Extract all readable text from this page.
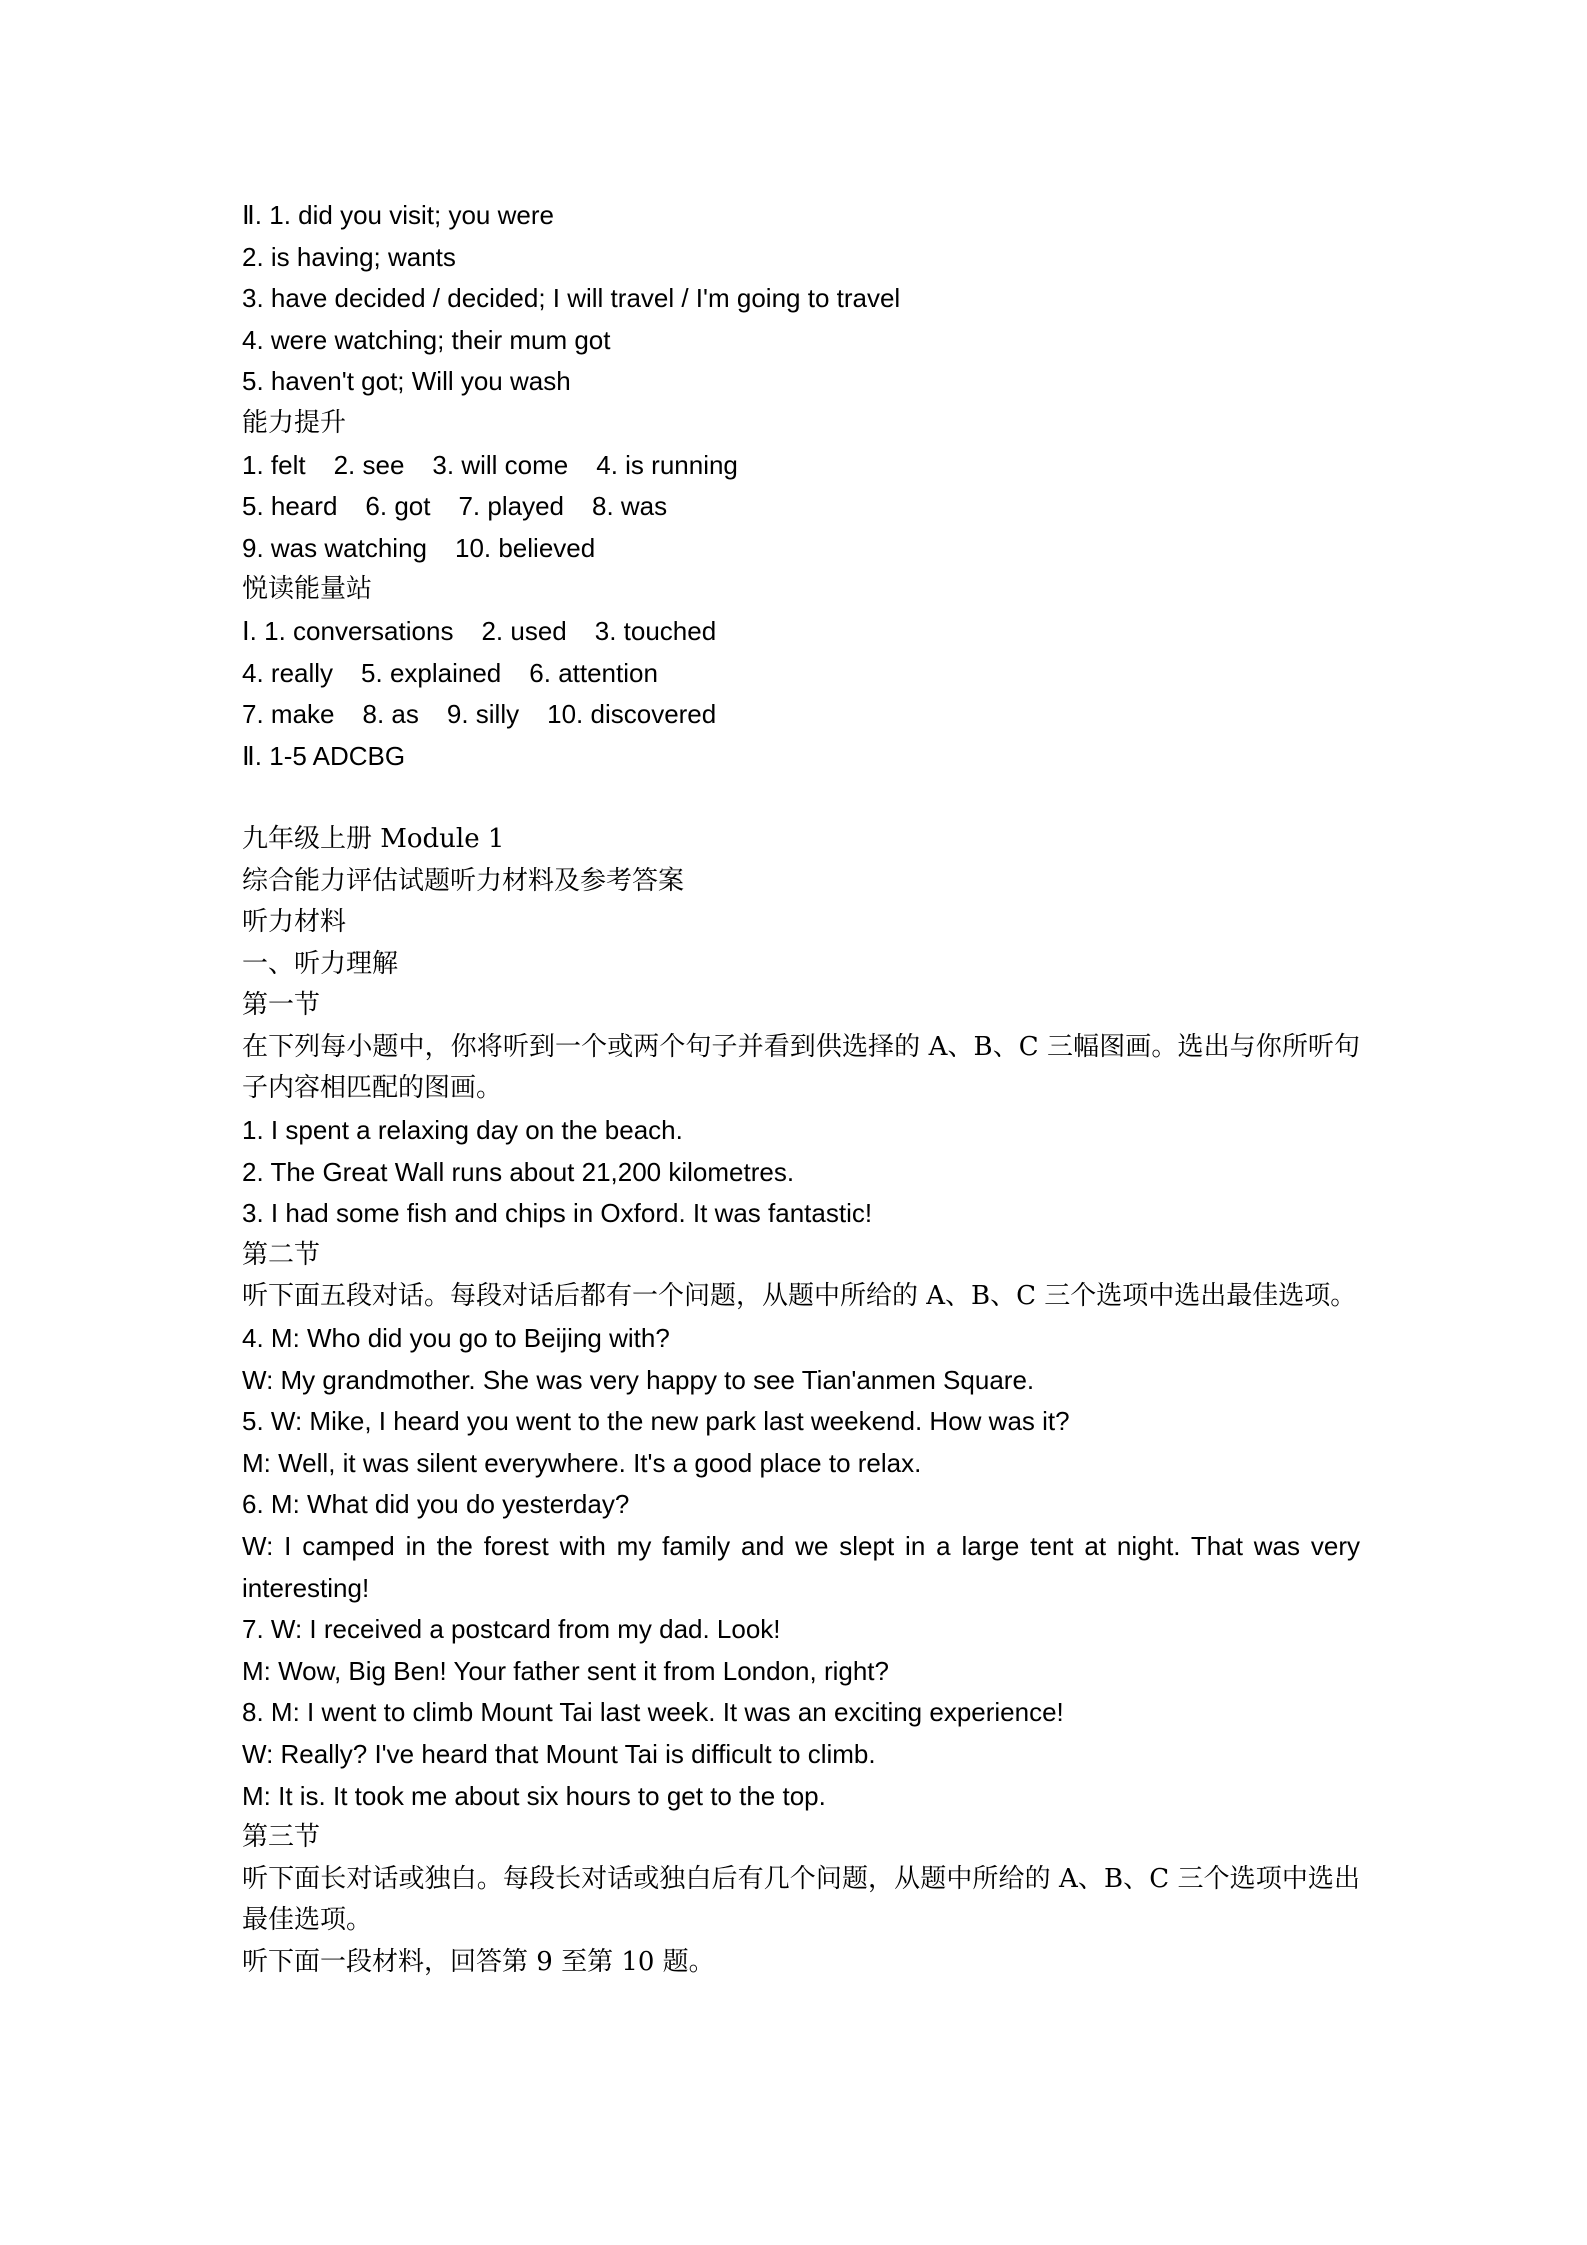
Ⅱ. 1. did you visit; you were
2. is having; wants
3. have decided / decided; I will travel / I'm going to travel
4. were watching; their mum got
5. haven't got; Will you wash
能力提升
1. felt 2. see 3. will come 4. is running
5. heard 6. got 7. played 8. was
9. was watching 10. believed
悦读能量站
Ⅰ. 1. conversations 2. used 3. touched
4. really 5. explained 6. attention
7. make 8. as 9. silly 10. discovered
Ⅱ. 1-5 ADCBG
九年级上册 Module 1
综合能力评估试题听力材料及参考答案
听力材料
一、听力理解
第一节
在下列每小题中，你将听到一个或两个句子并看到供选择的 A、B、C 三幅图画。选出与你所听句子内容相匹配的图画。
1. I spent a relaxing day on the beach.
2. The Great Wall runs about 21,200 kilometres.
3. I had some fish and chips in Oxford. It was fantastic!
第二节
听下面五段对话。每段对话后都有一个问题，从题中所给的 A、B、C 三个选项中选出最佳选项。
4. M: Who did you go to Beijing with?
W: My grandmother. She was very happy to see Tian'anmen Square.
5. W: Mike, I heard you went to the new park last weekend. How was it?
M: Well, it was silent everywhere. It's a good place to relax.
6. M: What did you do yesterday?
W: I camped in the forest with my family and we slept in a large tent at night. That was very interesting!
7. W: I received a postcard from my dad. Look!
M: Wow, Big Ben! Your father sent it from London, right?
8. M: I went to climb Mount Tai last week. It was an exciting experience!
W: Really? I've heard that Mount Tai is difficult to climb.
M: It is. It took me about six hours to get to the top.
第三节
听下面长对话或独白。每段长对话或独白后有几个问题，从题中所给的 A、B、C 三个选项中选出最佳选项。
听下面一段材料，回答第 9 至第 10 题。
